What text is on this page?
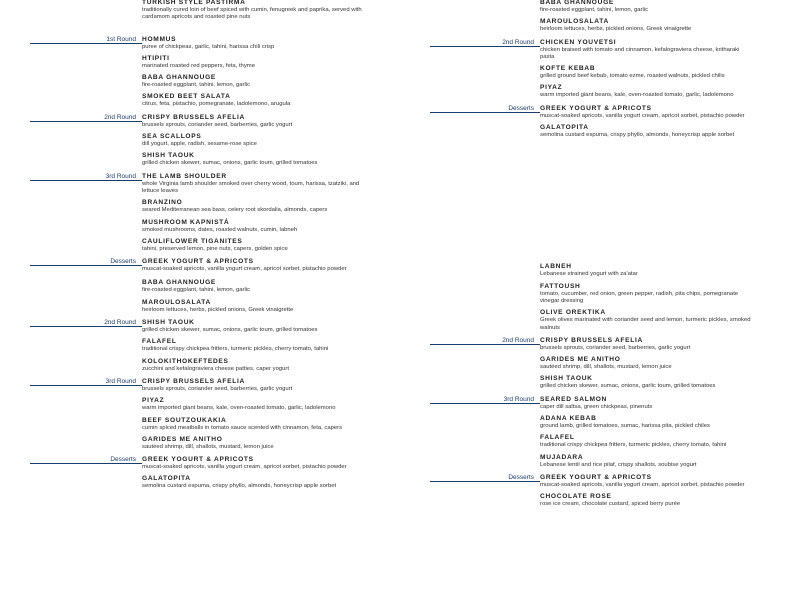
TURKISH STYLE PASTIRMA
traditionally cured loin of beef spiced with cumin, fenugreek and paprika, served with cardamom apricots and roasted pine nuts
1st Round HOMMUS
puree of chickpeas, garlic, tahini, harissa chili crisp
HTIPITI
marinated roasted red peppers, feta, thyme
BABA GHANNOUGE
fire-roasted eggplant, tahini, lemon, garlic
SMOKED BEET SALATA
citrus, feta, pistachio, pomegranate, ladolemono, arugula
2nd Round CRISPY BRUSSELS AFELIA
brussels sprouts, coriander seed, barberries, garlic yogurt
SEA SCALLOPS
dill yogurt, apple, radish, sesame-rose spice
SHISH TAOUK
grilled chicken skewer, sumac, onions, garlic toum, grilled tomatoes
3rd Round THE LAMB SHOULDER
whole Virginia lamb shoulder smoked over cherry wood, toum, harissa, tzatziki, and lettuce leaves
BRANZINO
seared Mediterranean sea bass, celery root skordalia, almonds, capers
MUSHROOM KAPNISTÁ
smoked mushrooms, dates, roasted walnuts, cumin, labneh
CAULIFLOWER TIGANITES
tahini, preserved lemon, pine nuts, capers, golden spice
Desserts GREEK YOGURT & APRICOTS
muscat-soaked apricots, vanilla yogurt cream, apricot sorbet, pistachio powder
BABA GHANNOUGE
fire-roasted eggplant, tahini, lemon, garlic
MAROULOSALATA
heirloom lettuces, herbs, pickled onions, Greek vinaigrette
2nd Round SHISH TAOUK
grilled chicken skewer, sumac, onions, garlic toum, grilled tomatoes
FALAFEL
traditional crispy chickpea fritters, turmeric pickles, cherry tomato, tahini
KOLOKITHOKEFTEDES
zucchini and kefalograviera cheese patties, caper yogurt
3rd Round CRISPY BRUSSELS AFELIA
brussels sprouts, coriander seed, barberries, garlic yogurt
PIYAZ
warm imported giant beans, kale, oven-roasted tomato, garlic, ladolemono
BEEF SOUTZOUKAKIA
cumin spiced meatballs in tomato sauce scented with cinnamon, feta, capers
GARIDES ME ANITHO
sautéed shrimp, dill, shallots, mustard, lemon juice
Desserts GREEK YOGURT & APRICOTS
muscat-soaked apricots, vanilla yogurt cream, apricot sorbet, pistachio powder
GALATOPITA
semolina custard espuma, crispy phyllo, almonds, honeycrisp apple sorbet
BABA GHANNOUGE
fire-roasted eggplant, tahini, lemon, garlic
MAROULOSALATA
heirloom lettuces, herbs, pickled onions, Greek vinaigrette
2nd Round CHICKEN YOUVETSI
chicken braised with tomato and cinnamon, kefalograviera cheese, kritharaki pasta
KOFTE KEBAB
grilled ground beef kebab, tomato ezme, roasted walnuts, pickled chilis
PIYAZ
warm imported giant beans, kale, oven-roasted tomato, garlic, ladolemono
Desserts GREEK YOGURT & APRICOTS
muscat-soaked apricots, vanilla yogurt cream, apricot sorbet, pistachio powder
GALATOPITA
semolina custard espuma, crispy phyllo, almonds, honeycrisp apple sorbet
LABNEH
Lebanese strained yogurt with za'atar
FATTOUSH
tomato, cucumber, red onion, green pepper, radish, pita chips, pomegranate vinegar dressing
OLIVE OREKTIKA
Greek olives marinated with coriander seed and lemon, turmeric pickles, smoked walnuts
2nd Round CRISPY BRUSSELS AFELIA
brussels sprouts, coriander seed, barberries, garlic yogurt
GARIDES ME ANITHO
sautéed shrimp, dill, shallots, mustard, lemon juice
SHISH TAOUK
grilled chicken skewer, sumac, onions, garlic toum, grilled tomatoes
3rd Round SEARED SALMON
caper dill saltsa, green chickpeas, pinenuts
ADANA KEBAB
ground lamb, grilled tomatoes, sumac, harissa pita, pickled chiles
FALAFEL
traditional crispy chickpea fritters, turmeric pickles, cherry tomato, tahini
MUJADARA
Lebanese lentil and rice pilaf, crispy shallots, soubise yogurt
Desserts GREEK YOGURT & APRICOTS
muscat-soaked apricots, vanilla yogurt cream, apricot sorbet, pistachio powder
CHOCOLATE ROSE
rose ice cream, chocolate custard, spiced berry purée
